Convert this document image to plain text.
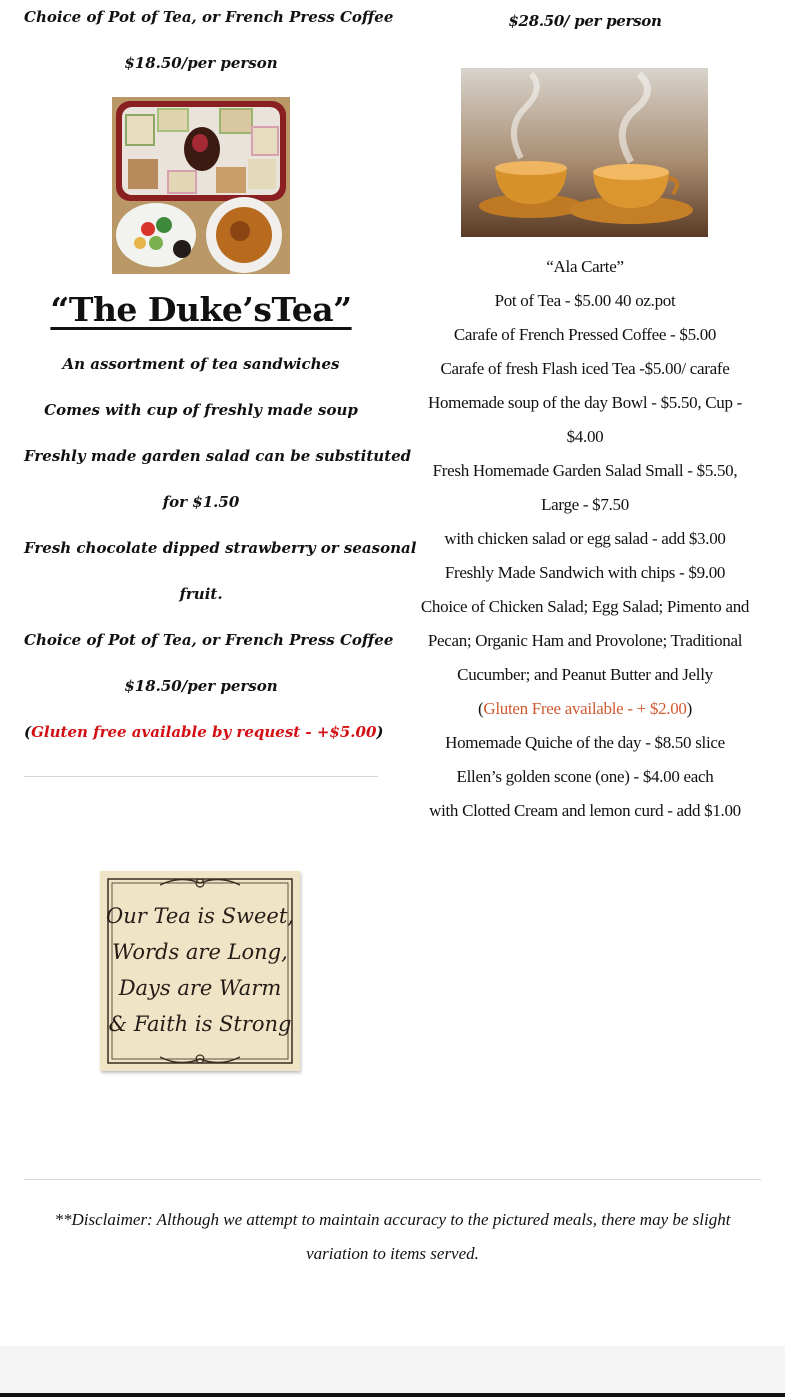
Choice of Pot of Tea, or French Press Coffee
$18.50/per person
“The Duke’sTea”
An assortment of tea sandwiches
Comes with cup of freshly made soup
Freshly made garden salad can be substituted
for $1.50
Fresh chocolate dipped strawberry or seasonal
fruit.
Choice of Pot of Tea, or French Press Coffee
$18.50/per person
(Gluten free available by request - +$5.00)
Our Tea is Sweet,
Words are Long,
Days are Warm
& Faith is Strong
$28.50/ per person
“Ala Carte”
Pot of Tea - $5.00 40 oz.pot
Carafe of French Pressed Coffee - $5.00
Carafe of fresh Flash iced Tea -$5.00/ carafe
Homemade soup of the day Bowl - $5.50, Cup -
$4.00
Fresh Homemade Garden Salad Small - $5.50,
Large - $7.50
with chicken salad or egg salad - add $3.00
Freshly Made Sandwich with chips - $9.00
Choice of Chicken Salad; Egg Salad; Pimento and
Pecan; Organic Ham and Provolone; Traditional
Cucumber; and Peanut Butter and Jelly
(Gluten Free available - + $2.00)
Homemade Quiche of the day - $8.50 slice
Ellen’s golden scone (one) - $4.00 each
with Clotted Cream and lemon curd - add $1.00
**Disclaimer: Although we attempt to maintain accuracy to the pictured meals, there may be slight variation to items served.
